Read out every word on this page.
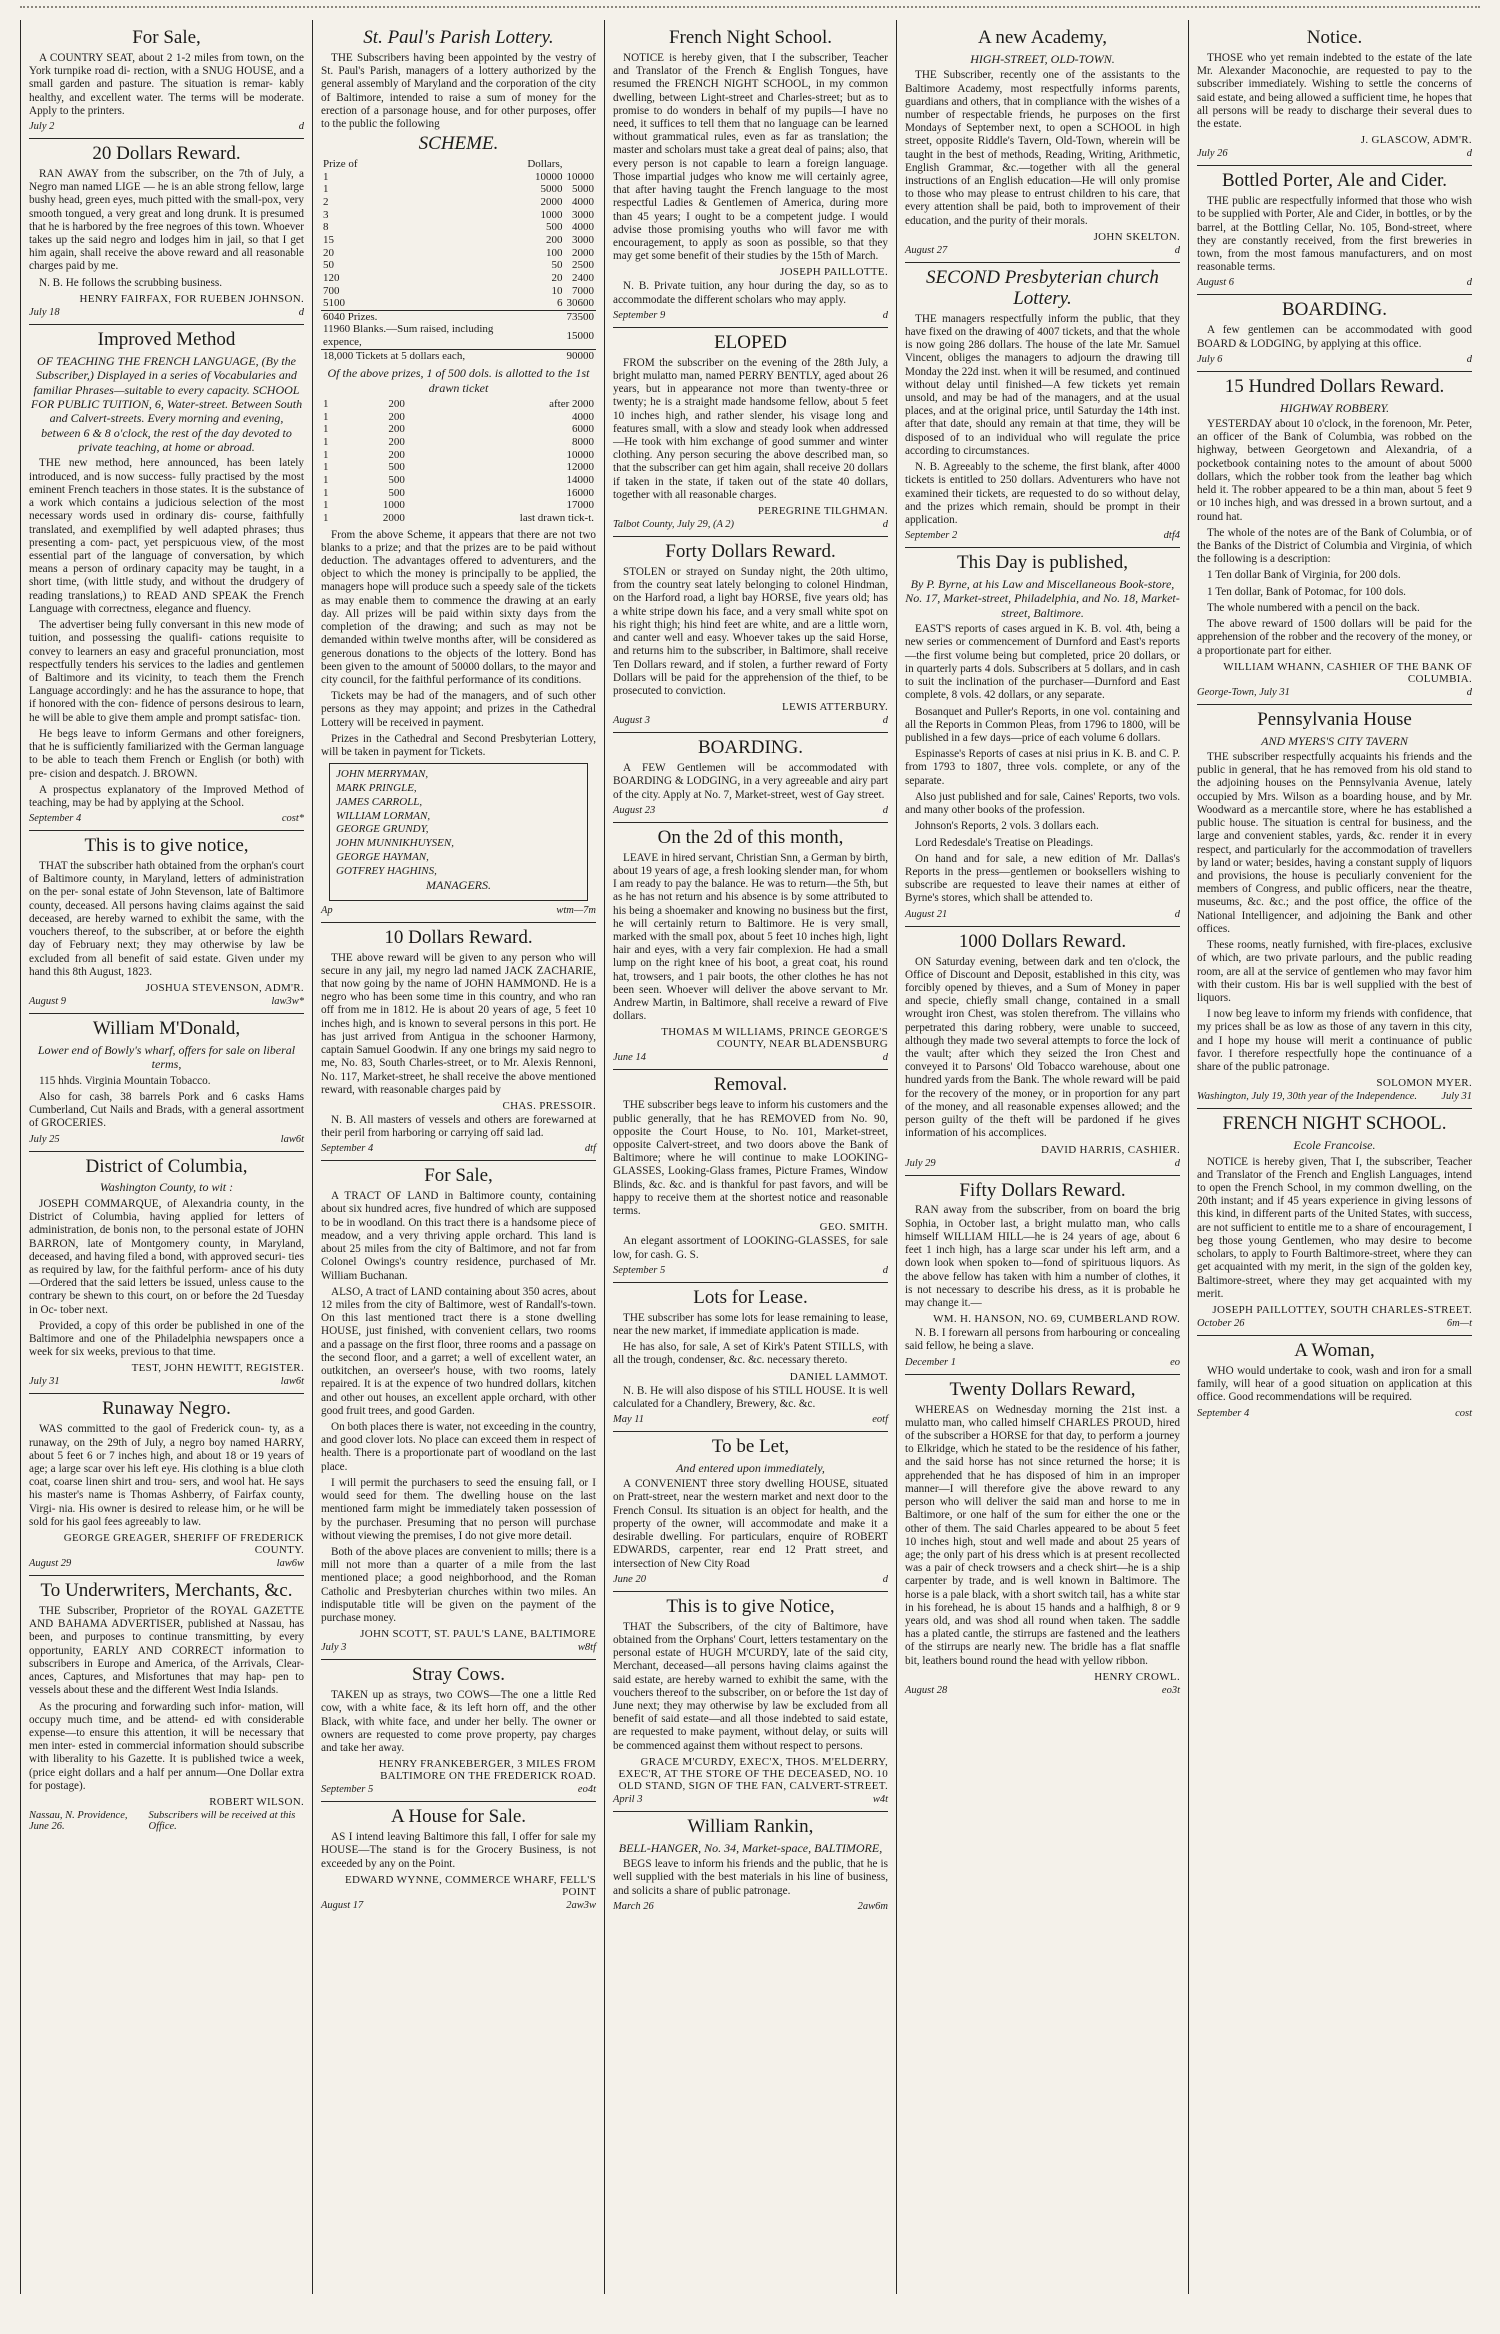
For Sale,

A COUNTRY SEAT, about 2 1-2 miles from town, on the York turnpike road di- rection, with a SNUG HOUSE, and a small garden and pasture. The situation is remar- kably healthy, and excellent water. The terms will be moderate. Apply to the printers.

July 2	d
20 Dollars Reward.

RAN AWAY from the subscriber, on the 7th of July, a Negro man named LIGE — he is an able strong fellow, large bushy head, green eyes, much pitted with the small-pox, very smooth tongued, a very great and long drunk. It is presumed that he is harbored by the free negroes of this town. Whoever takes up the said negro and lodges him in jail, so that I get him again, shall receive the above reward and all reasonable charges paid by me.

N. B. He follows the scrubbing business.

HENRY FAIRFAX, FOR RUEBEN JOHNSON.
July 18	d
Improved Method
OF TEACHING THE FRENCH LANGUAGE, (By the Subscriber,) Displayed in a series of Vocabularies and familiar Phrases—suitable to every capacity. SCHOOL FOR PUBLIC TUITION, 6, Water-street. Between South and Calvert-streets. Every morning and evening, between 6 & 8 o'clock, the rest of the day devoted to private teaching, at home or abroad.

THE new method, here announced, has been lately introduced, and is now success- fully practised by the most eminent French teachers in those states. It is the substance of a work which contains a judicious selection of the most necessary words used in ordinary dis- course, faithfully translated, and exemplified by well adapted phrases; thus presenting a com- pact, yet perspicuous view, of the most essential part of the language of conversation, by which means a person of ordinary capacity may be taught, in a short time, (with little study, and without the drudgery of reading translations,) to READ AND SPEAK the French Language with correctness, elegance and fluency.

The advertiser being fully conversant in this new mode of tuition, and possessing the qualifi- cations requisite to convey to learners an easy and graceful pronunciation, most respectfully tenders his services to the ladies and gentlemen of Baltimore and its vicinity, to teach them the French Language accordingly: and he has the assurance to hope, that if honored with the con- fidence of persons desirous to learn, he will be able to give them ample and prompt satisfac- tion.

He begs leave to inform Germans and other foreigners, that he is sufficiently familiarized with the German language to be able to teach them French or English (or both) with pre- cision and despatch. J. BROWN.

A prospectus explanatory of the Improved Method of teaching, may be had by applying at the School.

September 4	cost*
This is to give notice,

THAT the subscriber hath obtained from the orphan's court of Baltimore county, in Maryland, letters of administration on the per- sonal estate of John Stevenson, late of Baltimore county, deceased. All persons having claims against the said deceased, are hereby warned to exhibit the same, with the vouchers thereof, to the subscriber, at or before the eighth day of February next; they may otherwise by law be excluded from all benefit of said estate. Given under my hand this 8th August, 1823.

JOSHUA STEVENSON, ADM'R.
August 9	law3w*
William M'Donald,
Lower end of Bowly's wharf, offers for sale on liberal terms,

115 hhds. Virginia Mountain Tobacco.

Also for cash, 38 barrels Pork and 6 casks Hams Cumberland, Cut Nails and Brads, with a general assortment of GROCERIES.

July 25	law6t
District of Columbia,
Washington County, to wit :

JOSEPH COMMARQUE, of Alexandria county, in the District of Columbia, having applied for letters of administration, de bonis non, to the personal estate of JOHN BARRON, late of Montgomery county, in Maryland, deceased, and having filed a bond, with approved securi- ties as required by law, for the faithful perform- ance of his duty—Ordered that the said letters be issued, unless cause to the contrary be shewn to this court, on or before the 2d Tuesday in Oc- tober next.

Provided, a copy of this order be published in one of the Baltimore and one of the Philadelphia newspapers once a week for six weeks, previous to that time.

TEST, JOHN HEWITT, REGISTER.
July 31	law6t
Runaway Negro.

WAS committed to the gaol of Frederick coun- ty, as a runaway, on the 29th of July, a negro boy named HARRY, about 5 feet 6 or 7 inches high, and about 18 or 19 years of age; a large scar over his left eye. His clothing is a blue cloth coat, coarse linen shirt and trou- sers, and wool hat. He says his master's name is Thomas Ashberry, of Fairfax county, Virgi- nia. His owner is desired to release him, or he will be sold for his gaol fees agreeably to law.

GEORGE GREAGER, SHERIFF OF FREDERICK COUNTY.
August 29	law6w
To Underwriters, Merchants, &c.

THE Subscriber, Proprietor of the ROYAL GAZETTE AND BAHAMA ADVERTISER, published at Nassau, has been, and purposes to continue transmitting, by every opportunity, EARLY AND CORRECT information to subscribers in Europe and America, of the Arrivals, Clear- ances, Captures, and Misfortunes that may hap- pen to vessels about these and the different West India Islands.

As the procuring and forwarding such infor- mation, will occupy much time, and be attend- ed with considerable expense—to ensure this attention, it will be necessary that men inter- ested in commercial information should subscribe with liberality to his Gazette. It is published twice a week, (price eight dollars and a half per annum—One Dollar extra for postage).

ROBERT WILSON.
Nassau, N. Providence, June 26.
Subscribers will be received at this Office.
St. Paul's Parish Lottery.

THE Subscribers having been appointed by the vestry of St. Paul's Parish, managers of a lottery authorized by the general assembly of Maryland and the corporation of the city of Baltimore, intended to raise a sum of money for the erection of a parsonage house, and for other purposes, offer to the public the following

SCHEME.
Prize of	Dollars,	
1	10000	10000
1	5000	5000
2	2000	4000
3	1000	3000
8	500	4000
15	200	3000
20	100	2000
50	50	2500
120	20	2400
700	10	7000
5100	6	30600
6040 Prizes.		73500
11960 Blanks.—Sum raised, including expence,		15000
18,000 Tickets at 5 dollars each,		90000
Of the above prizes, 1 of 500 dols. is allotted to the 1st drawn ticket
1	200	after 2000
1	200	4000
1	200	6000
1	200	8000
1	200	10000
1	500	12000
1	500	14000
1	500	16000
1	1000	17000
1	2000	last drawn tick-t.

From the above Scheme, it appears that there are not two blanks to a prize; and that the prizes are to be paid without deduction. The advantages offered to adventurers, and the object to which the money is principally to be applied, the managers hope will produce such a speedy sale of the tickets as may enable them to commence the drawing at an early day. All prizes will be paid within sixty days from the completion of the drawing; and such as may not be demanded within twelve months after, will be considered as generous donations to the objects of the lottery. Bond has been given to the amount of 50000 dollars, to the mayor and city council, for the faithful performance of its conditions.

Tickets may be had of the managers, and of such other persons as they may appoint; and prizes in the Cathedral Lottery will be received in payment.

Prizes in the Cathedral and Second Presbyterian Lottery, will be taken in payment for Tickets.

JOHN MERRYMAN,
MARK PRINGLE,
JAMES CARROLL,
WILLIAM LORMAN,
GEORGE GRUNDY,
JOHN MUNNIKHUYSEN,
GEORGE HAYMAN,
GOTFREY HAGHINS,
MANAGERS.
Ap	wtm—7m
10 Dollars Reward.

THE above reward will be given to any person who will secure in any jail, my negro lad named JACK ZACHARIE, that now going by the name of JOHN HAMMOND. He is a negro who has been some time in this country, and who ran off from me in 1812. He is about 20 years of age, 5 feet 10 inches high, and is known to several persons in this port. He has just arrived from Antigua in the schooner Harmony, captain Samuel Goodwin. If any one brings my said negro to me, No. 83, South Charles-street, or to Mr. Alexis Rennoni, No. 117, Market-street, he shall receive the above mentioned reward, with reasonable charges paid by

CHAS. PRESSOIR.

N. B. All masters of vessels and others are forewarned at their peril from harboring or carrying off said lad.

September 4	dtf
For Sale,

A TRACT OF LAND in Baltimore county, containing about six hundred acres, five hundred of which are supposed to be in woodland. On this tract there is a handsome piece of meadow, and a very thriving apple orchard. This land is about 25 miles from the city of Baltimore, and not far from Colonel Owings's country residence, purchased of Mr. William Buchanan.

ALSO, A tract of LAND containing about 350 acres, about 12 miles from the city of Baltimore, west of Randall's-town. On this last mentioned tract there is a stone dwelling HOUSE, just finished, with convenient cellars, two rooms and a passage on the first floor, three rooms and a passage on the second floor, and a garret; a well of excellent water, an outkitchen, an overseer's house, with two rooms, lately repaired. It is at the expence of two hundred dollars, kitchen and other out houses, an excellent apple orchard, with other good fruit trees, and good Garden.

On both places there is water, not exceeding in the country, and good clover lots. No place can exceed them in respect of health. There is a proportionate part of woodland on the last place.

I will permit the purchasers to seed the ensuing fall, or I would seed for them. The dwelling house on the last mentioned farm might be immediately taken possession of by the purchaser. Presuming that no person will purchase without viewing the premises, I do not give more detail.

Both of the above places are convenient to mills; there is a mill not more than a quarter of a mile from the last mentioned place; a good neighborhood, and the Roman Catholic and Presbyterian churches within two miles. An indisputable title will be given on the payment of the purchase money.

JOHN SCOTT, ST. PAUL'S LANE, BALTIMORE
July 3	w8tf
Stray Cows.

TAKEN up as strays, two COWS—The one a little Red cow, with a white face, & its left horn off, and the other Black, with white face, and under her belly. The owner or owners are requested to come prove property, pay charges and take her away.

HENRY FRANKEBERGER, 3 MILES FROM BALTIMORE ON THE FREDERICK ROAD.
September 5	eo4t
A House for Sale.

AS I intend leaving Baltimore this fall, I offer for sale my HOUSE—The stand is for the Grocery Business, is not exceeded by any on the Point.

EDWARD WYNNE, COMMERCE WHARF, FELL'S POINT
August 17	2aw3w
French Night School.

NOTICE is hereby given, that I the subscriber, Teacher and Translator of the French & English Tongues, have resumed the FRENCH NIGHT SCHOOL, in my common dwelling, between Light-street and Charles-street; but as to promise to do wonders in behalf of my pupils—I have no need, it suffices to tell them that no language can be learned without grammatical rules, even as far as translation; the master and scholars must take a great deal of pains; also, that every person is not capable to learn a foreign language. Those impartial judges who know me will certainly agree, that after having taught the French language to the most respectful Ladies & Gentlemen of America, during more than 45 years; I ought to be a competent judge. I would advise those promising youths who will favor me with encouragement, to apply as soon as possible, so that they may get some benefit of their studies by the 15th of March.

JOSEPH PAILLOTTE.

N. B. Private tuition, any hour during the day, so as to accommodate the different scholars who may apply.

September 9	d
ELOPED

FROM the subscriber on the evening of the 28th July, a bright mulatto man, named PERRY BENTLY, aged about 26 years, but in appearance not more than twenty-three or twenty; he is a straight made handsome fellow, about 5 feet 10 inches high, and rather slender, his visage long and features small, with a slow and steady look when addressed—He took with him exchange of good summer and winter clothing. Any person securing the above described man, so that the subscriber can get him again, shall receive 20 dollars if taken in the state, if taken out of the state 40 dollars, together with all reasonable charges.

PEREGRINE TILGHMAN.
Talbot County, July 29, (A 2)	d
Forty Dollars Reward.

STOLEN or strayed on Sunday night, the 20th ultimo, from the country seat lately belonging to colonel Hindman, on the Harford road, a light bay HORSE, five years old; has a white stripe down his face, and a very small white spot on his right thigh; his hind feet are white, and are a little worn, and canter well and easy. Whoever takes up the said Horse, and returns him to the subscriber, in Baltimore, shall receive Ten Dollars reward, and if stolen, a further reward of Forty Dollars will be paid for the apprehension of the thief, to be prosecuted to conviction.

LEWIS ATTERBURY.
August 3	d
BOARDING.

A FEW Gentlemen will be accommodated with BOARDING & LODGING, in a very agreeable and airy part of the city. Apply at No. 7, Market-street, west of Gay street.

August 23	d
On the 2d of this month,

LEAVE in hired servant, Christian Snn, a German by birth, about 19 years of age, a fresh looking slender man, for whom I am ready to pay the balance. He was to return—the 5th, but as he has not return and his absence is by some attributed to his being a shoemaker and knowing no business but the first, he will certainly return to Baltimore. He is very small, marked with the small pox, about 5 feet 10 inches high, light hair and eyes, with a very fair complexion. He had a small lump on the right knee of his boot, a great coat, his round hat, trowsers, and 1 pair boots, the other clothes he has not been seen. Whoever will deliver the above servant to Mr. Andrew Martin, in Baltimore, shall receive a reward of Five dollars.

THOMAS M WILLIAMS, PRINCE GEORGE'S COUNTY, NEAR BLADENSBURG
June 14	d
Removal.

THE subscriber begs leave to inform his customers and the public generally, that he has REMOVED from No. 90, opposite the Court House, to No. 101, Market-street, opposite Calvert-street, and two doors above the Bank of Baltimore; where he will continue to make LOOKING-GLASSES, Looking-Glass frames, Picture Frames, Window Blinds, &c. &c. and is thankful for past favors, and will be happy to receive them at the shortest notice and reasonable terms.

GEO. SMITH.

An elegant assortment of LOOKING-GLASSES, for sale low, for cash. G. S.

September 5	d
Lots for Lease.

THE subscriber has some lots for lease remaining to lease, near the new market, if immediate application is made.

He has also, for sale, A set of Kirk's Patent STILLS, with all the trough, condenser, &c. &c. necessary thereto.

DANIEL LAMMOT.

N. B. He will also dispose of his STILL HOUSE. It is well calculated for a Chandlery, Brewery, &c. &c.

May 11	eotf
To be Let,
And entered upon immediately,

A CONVENIENT three story dwelling HOUSE, situated on Pratt-street, near the western market and next door to the French Consul. Its situation is an object for health, and the property of the owner, will accommodate and make it a desirable dwelling. For particulars, enquire of ROBERT EDWARDS, carpenter, rear end 12 Pratt street, and intersection of New City Road

June 20	d
This is to give Notice,

THAT the Subscribers, of the city of Baltimore, have obtained from the Orphans' Court, letters testamentary on the personal estate of HUGH M'CURDY, late of the said city, Merchant, deceased—all persons having claims against the said estate, are hereby warned to exhibit the same, with the vouchers thereof to the subscriber, on or before the 1st day of June next; they may otherwise by law be excluded from all benefit of said estate—and all those indebted to said estate, are requested to make payment, without delay, or suits will be commenced against them without respect to persons.

GRACE M'CURDY, EXEC'X, THOS. M'ELDERRY, EXEC'R, AT THE STORE OF THE DECEASED, NO. 10 OLD STAND, SIGN OF THE FAN, CALVERT-STREET.
April 3	w4t
William Rankin,
BELL-HANGER, No. 34, Market-space, BALTIMORE,

BEGS leave to inform his friends and the public, that he is well supplied with the best materials in his line of business, and solicits a share of public patronage.

March 26	2aw6m
A new Academy,
HIGH-STREET, OLD-TOWN.

THE Subscriber, recently one of the assistants to the Baltimore Academy, most respectfully informs parents, guardians and others, that in compliance with the wishes of a number of respectable friends, he purposes on the first Mondays of September next, to open a SCHOOL in high street, opposite Riddle's Tavern, Old-Town, wherein will be taught in the best of methods, Reading, Writing, Arithmetic, English Grammar, &c.—together with all the general instructions of an English education—He will only promise to those who may please to entrust children to his care, that every attention shall be paid, both to improvement of their education, and the purity of their morals.

JOHN SKELTON.
August 27	d
SECOND Presbyterian church Lottery.

THE managers respectfully inform the public, that they have fixed on the drawing of 4007 tickets, and that the whole is now going 286 dollars. The house of the late Mr. Samuel Vincent, obliges the managers to adjourn the drawing till Monday the 22d inst. when it will be resumed, and continued without delay until finished—A few tickets yet remain unsold, and may be had of the managers, and at the usual places, and at the original price, until Saturday the 14th inst. after that date, should any remain at that time, they will be disposed of to an individual who will regulate the price according to circumstances.

N. B. Agreeably to the scheme, the first blank, after 4000 tickets is entitled to 250 dollars. Adventurers who have not examined their tickets, are requested to do so without delay, and the prizes which remain, should be prompt in their application.

September 2	dtf4
This Day is published,
By P. Byrne, at his Law and Miscellaneous Book-store, No. 17, Market-street, Philadelphia, and No. 18, Market-street, Baltimore.

EAST'S reports of cases argued in K. B. vol. 4th, being a new series or commencement of Durnford and East's reports—the first volume being but completed, price 20 dollars, or in quarterly parts 4 dols. Subscribers at 5 dollars, and in cash to suit the inclination of the purchaser—Durnford and East complete, 8 vols. 42 dollars, or any separate.

Bosanquet and Puller's Reports, in one vol. containing and all the Reports in Common Pleas, from 1796 to 1800, will be published in a few days—price of each volume 6 dollars.

Espinasse's Reports of cases at nisi prius in K. B. and C. P. from 1793 to 1807, three vols. complete, or any of the separate.

Also just published and for sale, Caines' Reports, two vols. and many other books of the profession.

Johnson's Reports, 2 vols. 3 dollars each.

Lord Redesdale's Treatise on Pleadings.

On hand and for sale, a new edition of Mr. Dallas's Reports in the press—gentlemen or booksellers wishing to subscribe are requested to leave their names at either of Byrne's stores, which shall be attended to.

August 21	d
1000 Dollars Reward.

ON Saturday evening, between dark and ten o'clock, the Office of Discount and Deposit, established in this city, was forcibly opened by thieves, and a Sum of Money in paper and specie, chiefly small change, contained in a small wrought iron Chest, was stolen therefrom. The villains who perpetrated this daring robbery, were unable to succeed, although they made two several attempts to force the lock of the vault; after which they seized the Iron Chest and conveyed it to Parsons' Old Tobacco warehouse, about one hundred yards from the Bank. The whole reward will be paid for the recovery of the money, or in proportion for any part of the money, and all reasonable expenses allowed; and the person guilty of the theft will be pardoned if he gives information of his accomplices.

DAVID HARRIS, CASHIER.
July 29	d
Fifty Dollars Reward.

RAN away from the subscriber, from on board the brig Sophia, in October last, a bright mulatto man, who calls himself WILLIAM HILL—he is 24 years of age, about 6 feet 1 inch high, has a large scar under his left arm, and a down look when spoken to—fond of spirituous liquors. As the above fellow has taken with him a number of clothes, it is not necessary to describe his dress, as it is probable he may change it.—

WM. H. HANSON, NO. 69, CUMBERLAND ROW.

N. B. I forewarn all persons from harbouring or concealing said fellow, he being a slave.

December 1	eo
Twenty Dollars Reward,

WHEREAS on Wednesday morning the 21st inst. a mulatto man, who called himself CHARLES PROUD, hired of the subscriber a HORSE for that day, to perform a journey to Elkridge, which he stated to be the residence of his father, and the said horse has not since returned the horse; it is apprehended that he has disposed of him in an improper manner—I will therefore give the above reward to any person who will deliver the said man and horse to me in Baltimore, or one half of the sum for either the one or the other of them. The said Charles appeared to be about 5 feet 10 inches high, stout and well made and about 25 years of age; the only part of his dress which is at present recollected was a pair of check trowsers and a check shirt—he is a ship carpenter by trade, and is well known in Baltimore. The horse is a pale black, with a short switch tail, has a white star in his forehead, he is about 15 hands and a halfhigh, 8 or 9 years old, and was shod all round when taken. The saddle has a plated cantle, the stirrups are fastened and the leathers of the stirrups are nearly new. The bridle has a flat snaffle bit, leathers bound round the head with yellow ribbon.

HENRY CROWL.
August 28	eo3t
Notice.

THOSE who yet remain indebted to the estate of the late Mr. Alexander Maconochie, are requested to pay to the subscriber immediately. Wishing to settle the concerns of said estate, and being allowed a sufficient time, he hopes that all persons will be ready to discharge their several dues to the estate.

J. GLASCOW, ADM'R.
July 26	d
Bottled Porter, Ale and Cider.

THE public are respectfully informed that those who wish to be supplied with Porter, Ale and Cider, in bottles, or by the barrel, at the Bottling Cellar, No. 105, Bond-street, where they are constantly received, from the first breweries in town, from the most famous manufacturers, and on most reasonable terms.

August 6	d
BOARDING.

A few gentlemen can be accommodated with good BOARD & LODGING, by applying at this office.

July 6	d
15 Hundred Dollars Reward.
HIGHWAY ROBBERY.

YESTERDAY about 10 o'clock, in the forenoon, Mr. Peter, an officer of the Bank of Columbia, was robbed on the highway, between Georgetown and Alexandria, of a pocketbook containing notes to the amount of about 5000 dollars, which the robber took from the leather bag which held it. The robber appeared to be a thin man, about 5 feet 9 or 10 inches high, and was dressed in a brown surtout, and a round hat.

The whole of the notes are of the Bank of Columbia, or of the Banks of the District of Columbia and Virginia, of which the following is a description:

1 Ten dollar Bank of Virginia, for 200 dols.

1 Ten dollar, Bank of Potomac, for 100 dols.

The whole numbered with a pencil on the back.

The above reward of 1500 dollars will be paid for the apprehension of the robber and the recovery of the money, or a proportionate part for either.

WILLIAM WHANN, CASHIER OF THE BANK OF COLUMBIA.
George-Town, July 31	d
Pennsylvania House
AND MYERS'S CITY TAVERN

THE subscriber respectfully acquaints his friends and the public in general, that he has removed from his old stand to the adjoining houses on the Pennsylvania Avenue, lately occupied by Mrs. Wilson as a boarding house, and by Mr. Woodward as a mercantile store, where he has established a public house. The situation is central for business, and the large and convenient stables, yards, &c. render it in every respect, and particularly for the accommodation of travellers by land or water; besides, having a constant supply of liquors and provisions, the house is peculiarly convenient for the members of Congress, and public officers, near the theatre, museums, &c. &c.; and the post office, the office of the National Intelligencer, and adjoining the Bank and other offices.

These rooms, neatly furnished, with fire-places, exclusive of which, are two private parlours, and the public reading room, are all at the service of gentlemen who may favor him with their custom. His bar is well supplied with the best of liquors.

I now beg leave to inform my friends with confidence, that my prices shall be as low as those of any tavern in this city, and I hope my house will merit a continuance of public favor. I therefore respectfully hope the continuance of a share of the public patronage.

SOLOMON MYER.
Washington, July 19, 30th year of the Independence. July 31
FRENCH NIGHT SCHOOL.
Ecole Francoise.

NOTICE is hereby given, That I, the subscriber, Teacher and Translator of the French and English Languages, intend to open the French School, in my common dwelling, on the 20th instant; and if 45 years experience in giving lessons of this kind, in different parts of the United States, with success, are not sufficient to entitle me to a share of encouragement, I beg those young Gentlemen, who may desire to become scholars, to apply to Fourth Baltimore-street, where they can get acquainted with my merit, in the sign of the golden key, Baltimore-street, where they may get acquainted with my merit.

JOSEPH PAILLOTTEY, SOUTH CHARLES-STREET.
October 26	6m—t
A Woman,

WHO would undertake to cook, wash and iron for a small family, will hear of a good situation on application at this office. Good recommendations will be required.

September 4	cost
